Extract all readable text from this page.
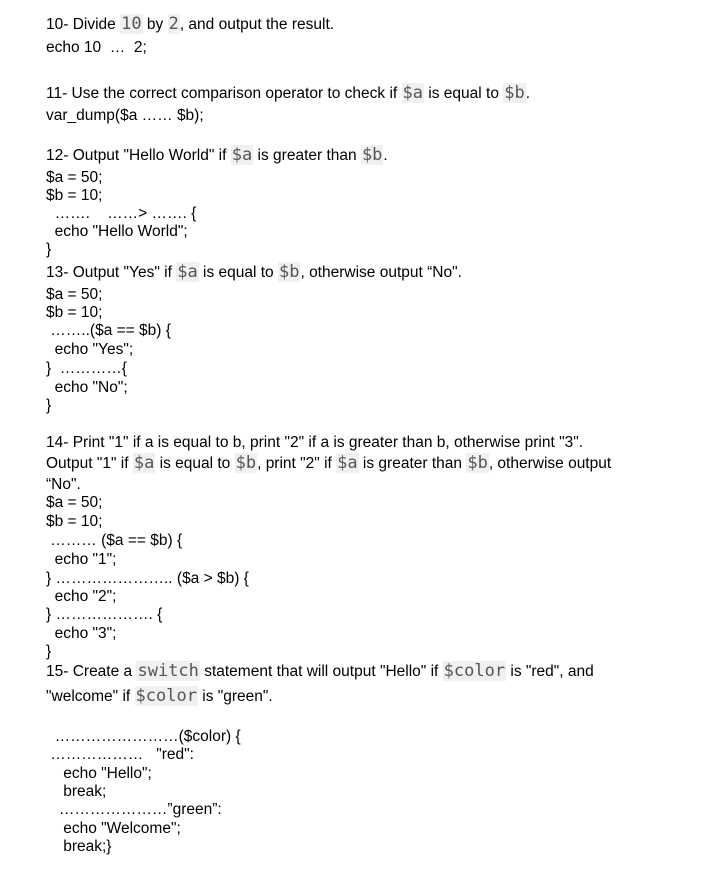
10- Divide 10 by 2, and output the result.
echo 10  …  2;
11- Use the correct comparison operator to check if $a is equal to $b.
var_dump($a …… $b);
12- Output "Hello World" if $a is greater than $b.
$a = 50;
$b = 10;
…….    ……> ……. {
echo "Hello World";
}
13- Output "Yes" if $a is equal to $b, otherwise output “No".
$a = 50;
$b = 10;
……..($a == $b) {
echo "Yes";
}  …………{
echo "No";
}
14- Print "1" if a is equal to b, print "2" if a is greater than b, otherwise print "3".
Output "1" if $a is equal to $b, print "2" if $a is greater than $b, otherwise output
“No".
$a = 50;
$b = 10;
……… ($a == $b) {
echo "1";
} ………………….. ($a > $b) {
echo "2";
} ………………. {
echo "3";
}
15- Create a switch statement that will output "Hello" if $color is "red", and
"welcome" if $color is "green".
……………………($color) {
………………   "red":
echo "Hello";
break;
…………………”green”:
echo "Welcome";
break;}
